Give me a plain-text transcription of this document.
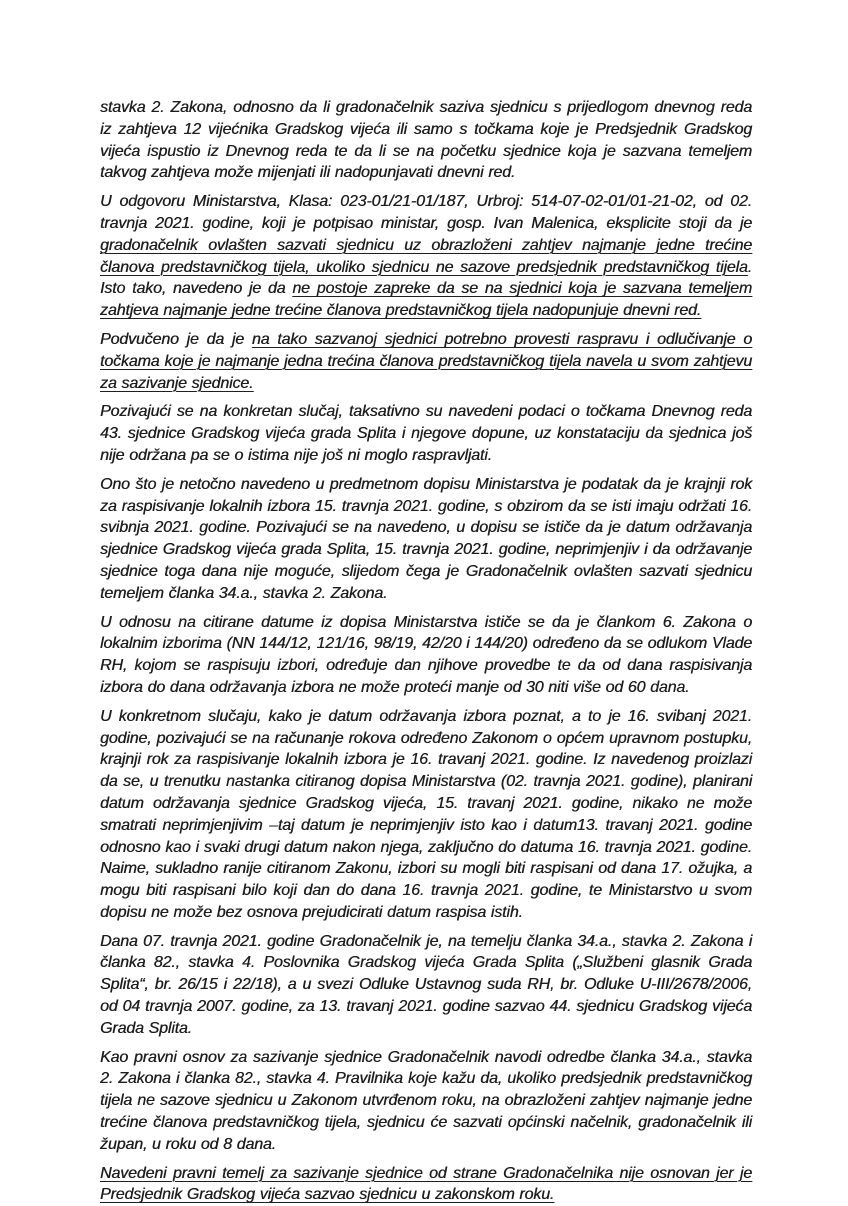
stavka 2. Zakona, odnosno da li gradonačelnik saziva sjednicu s prijedlogom dnevnog reda iz zahtjeva 12 vijećnika Gradskog vijeća ili samo s točkama koje je Predsjednik Gradskog vijeća ispustio iz Dnevnog reda te da li se na početku sjednice koja je sazvana temeljem takvog zahtjeva može mijenjati ili nadopunjavati dnevni red.

U odgovoru Ministarstva, Klasa: 023-01/21-01/187, Urbroj: 514-07-02-01/01-21-02, od 02. travnja 2021. godine, koji je potpisao ministar, gosp. Ivan Malenica, eksplicite stoji da je gradonačelnik ovlašten sazvati sjednicu uz obrazloženi zahtjev najmanje jedne trećine članova predstavničkog tijela, ukoliko sjednicu ne sazove predsjednik predstavničkog tijela. Isto tako, navedeno je da ne postoje zapreke da se na sjednici koja je sazvana temeljem zahtjeva najmanje jedne trećine članova predstavničkog tijela nadopunjuje dnevni red.

Podvučeno je da je na tako sazvanoj sjednici potrebno provesti raspravu i odlučivanje o točkama koje je najmanje jedna trećina članova predstavničkog tijela navela u svom zahtjevu za sazivanje sjednice.

Pozivajući se na konkretan slučaj, taksativno su navedeni podaci o točkama Dnevnog reda 43. sjednice Gradskog vijeća grada Splita i njegove dopune, uz konstataciju da sjednica još nije održana pa se o istima nije još ni moglo raspravljati.

Ono što je netočno navedeno u predmetnom dopisu Ministarstva je podatak da je krajnji rok za raspisivanje lokalnih izbora 15. travnja 2021. godine, s obzirom da se isti imaju održati 16. svibnja 2021. godine. Pozivajući se na navedeno, u dopisu se ističe da je datum održavanja sjednice Gradskog vijeća grada Splita, 15. travnja 2021. godine, neprimjenjiv i da održavanje sjednice toga dana nije moguće, slijedom čega je Gradonačelnik ovlašten sazvati sjednicu temeljem članka 34.a., stavka 2. Zakona.

U odnosu na citirane datume iz dopisa Ministarstva ističe se da je člankom 6. Zakona o lokalnim izborima (NN 144/12, 121/16, 98/19, 42/20 i 144/20) određeno da se odlukom Vlade RH, kojom se raspisuju izbori, određuje dan njihove provedbe te da od dana raspisivanja izbora do dana održavanja izbora ne može proteći manje od 30 niti više od 60 dana.

U konkretnom slučaju, kako je datum održavanja izbora poznat, a to je 16. svibanj 2021. godine, pozivajući se na računanje rokova određeno Zakonom o općem upravnom postupku, krajnji rok za raspisivanje lokalnih izbora je 16. travanj 2021. godine. Iz navedenog proizlazi da se, u trenutku nastanka citiranog dopisa Ministarstva (02. travnja 2021. godine), planirani datum održavanja sjednice Gradskog vijeća, 15. travanj 2021. godine, nikako ne može smatrati neprimjenjivim –taj datum je neprimjenjiv isto kao i datum13. travanj 2021. godine odnosno kao i svaki drugi datum nakon njega, zaključno do datuma 16. travnja 2021. godine. Naime, sukladno ranije citiranom Zakonu, izbori su mogli biti raspisani od dana 17. ožujka, a mogu biti raspisani bilo koji dan do dana 16. travnja 2021. godine, te Ministarstvo u svom dopisu ne može bez osnova prejudicirati datum raspisa istih.

Dana 07. travnja 2021. godine Gradonačelnik je, na temelju članka 34.a., stavka 2. Zakona i članka 82., stavka 4. Poslovnika Gradskog vijeća Grada Splita („Službeni glasnik Grada Splita“, br. 26/15 i 22/18), a u svezi Odluke Ustavnog suda RH, br. Odluke U-III/2678/2006, od 04 travnja 2007. godine, za 13. travanj 2021. godine sazvao 44. sjednicu Gradskog vijeća Grada Splita.

Kao pravni osnov za sazivanje sjednice Gradonačelnik navodi odredbe članka 34.a., stavka 2. Zakona i članka 82., stavka 4. Pravilnika koje kažu da, ukoliko predsjednik predstavničkog tijela ne sazove sjednicu u Zakonom utvrđenom roku, na obrazloženi zahtjev najmanje jedne trećine članova predstavničkog tijela, sjednicu će sazvati općinski načelnik, gradonačelnik ili župan, u roku od 8 dana.

Navedeni pravni temelj za sazivanje sjednice od strane Gradonačelnika nije osnovan jer je Predsjednik Gradskog vijeća sazvao sjednicu u zakonskom roku.
